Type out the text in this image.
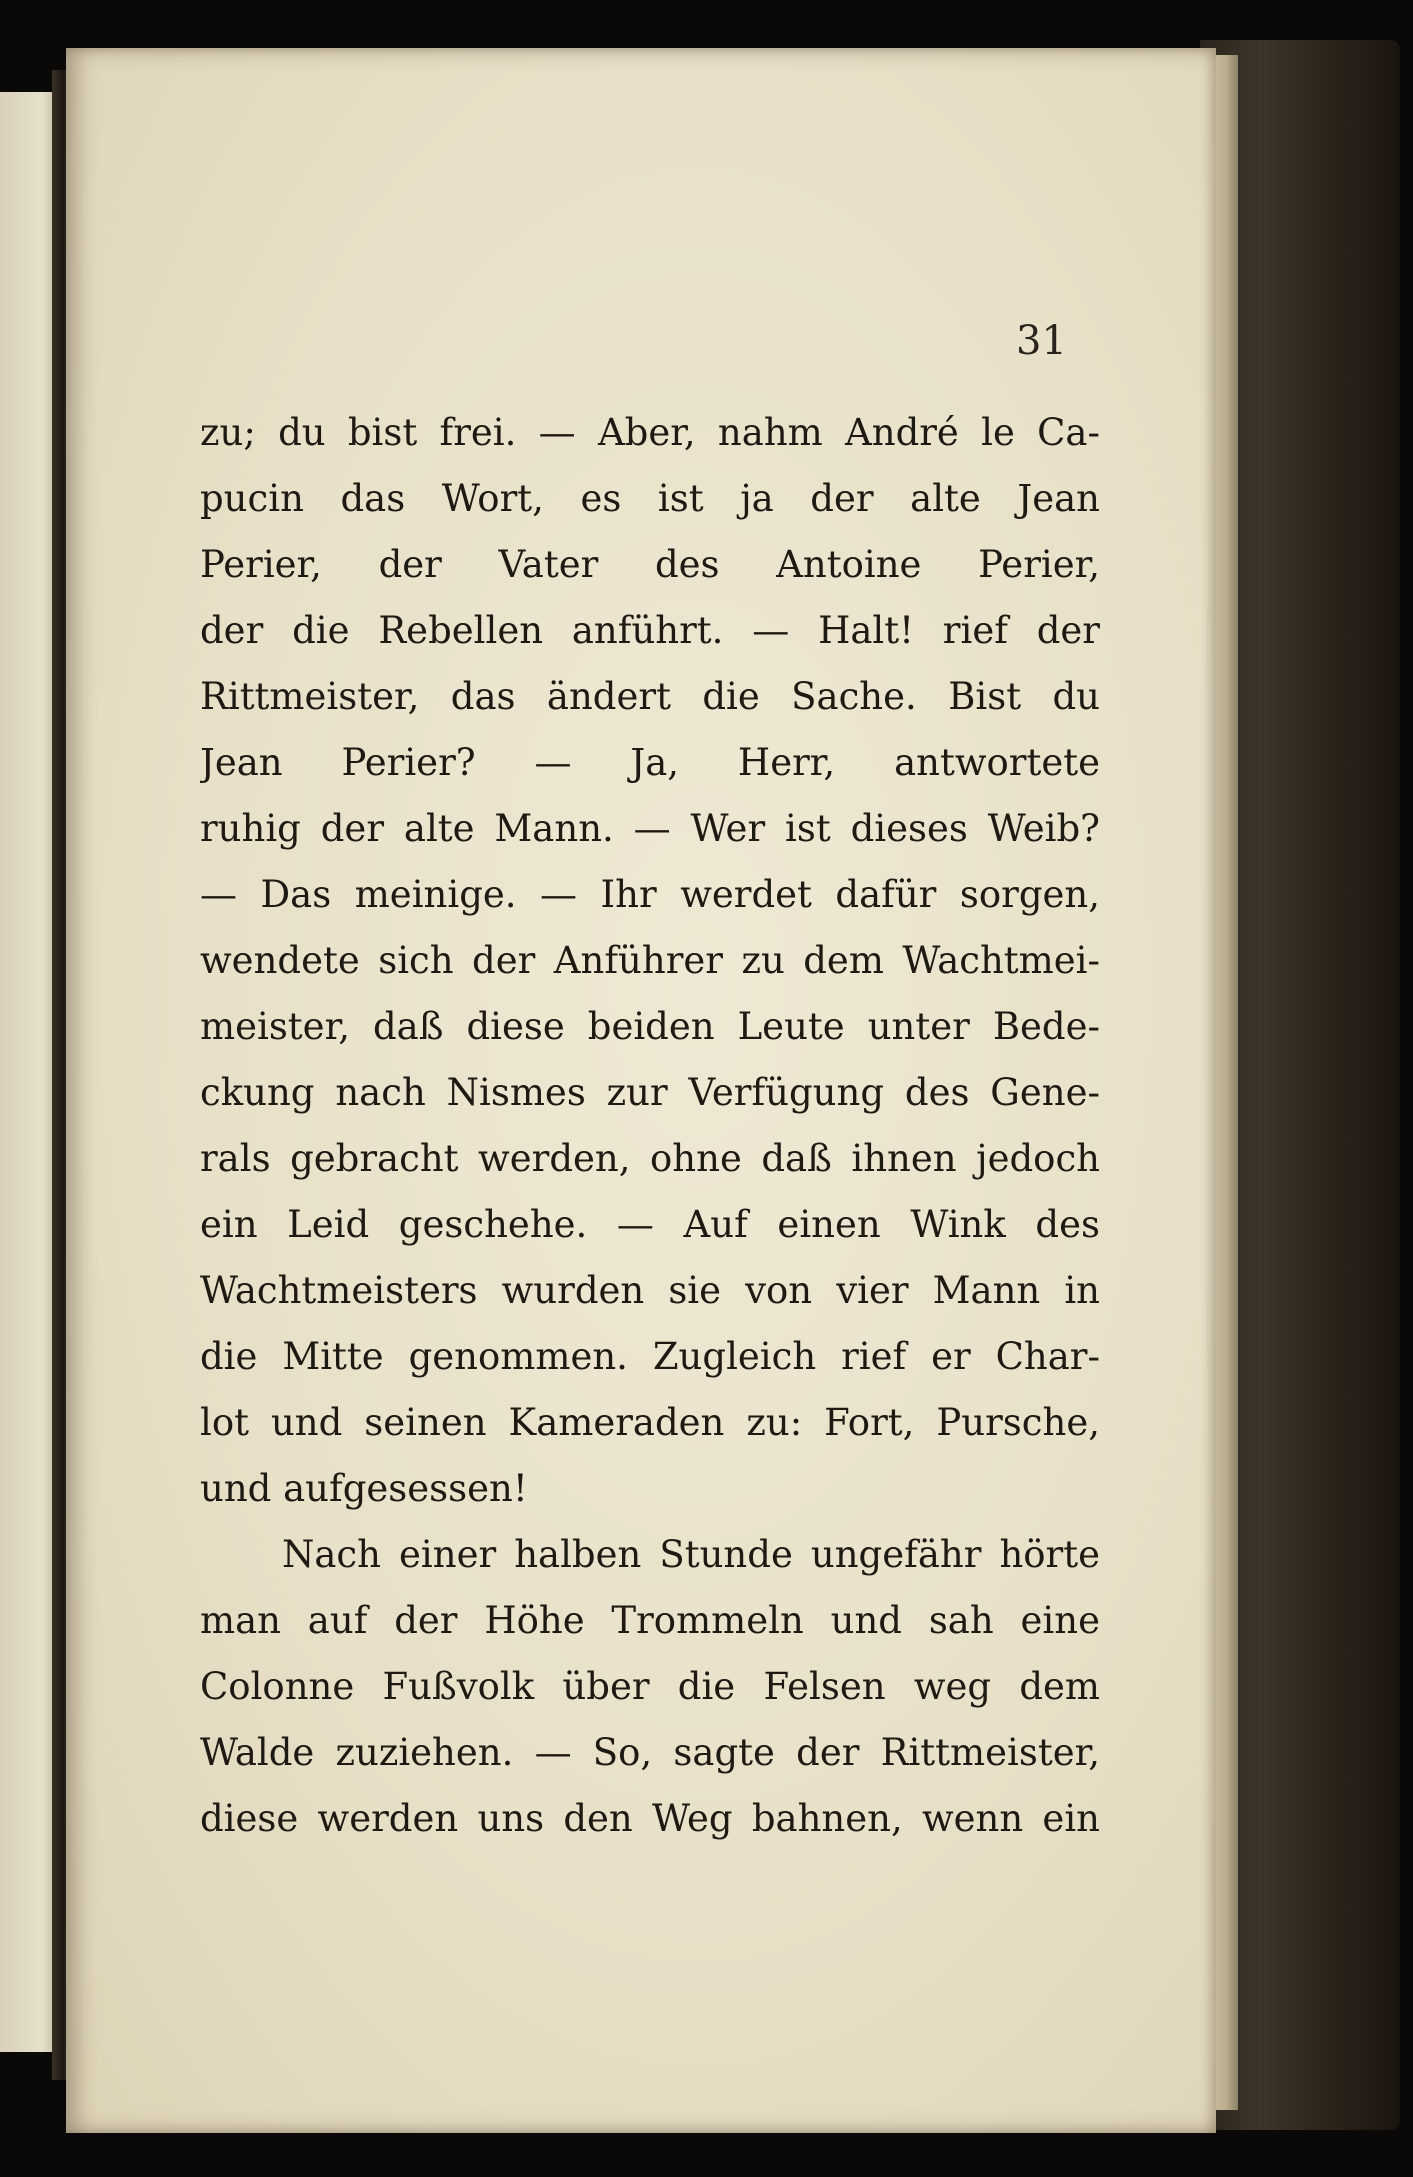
31
zu; du bist frei. — Aber, nahm André le Ca-
pucin das Wort, es ist ja der alte Jean
Perier, der Vater des Antoine Perier,
der die Rebellen anführt. — Halt! rief der
Rittmeister, das ändert die Sache. Bist du
Jean Perier? — Ja, Herr, antwortete
ruhig der alte Mann. — Wer ist dieses Weib?
— Das meinige. — Ihr werdet dafür sorgen,
wendete sich der Anführer zu dem Wachtmei-
meister, daß diese beiden Leute unter Bede-
ckung nach Nismes zur Verfügung des Gene-
rals gebracht werden, ohne daß ihnen jedoch
ein Leid geschehe. — Auf einen Wink des
Wachtmeisters wurden sie von vier Mann in
die Mitte genommen. Zugleich rief er Char-
lot und seinen Kameraden zu: Fort, Pursche,
und aufgesessen!
Nach einer halben Stunde ungefähr hörte
man auf der Höhe Trommeln und sah eine
Colonne Fußvolk über die Felsen weg dem
Walde zuziehen. — So, sagte der Rittmeister,
diese werden uns den Weg bahnen, wenn ein
